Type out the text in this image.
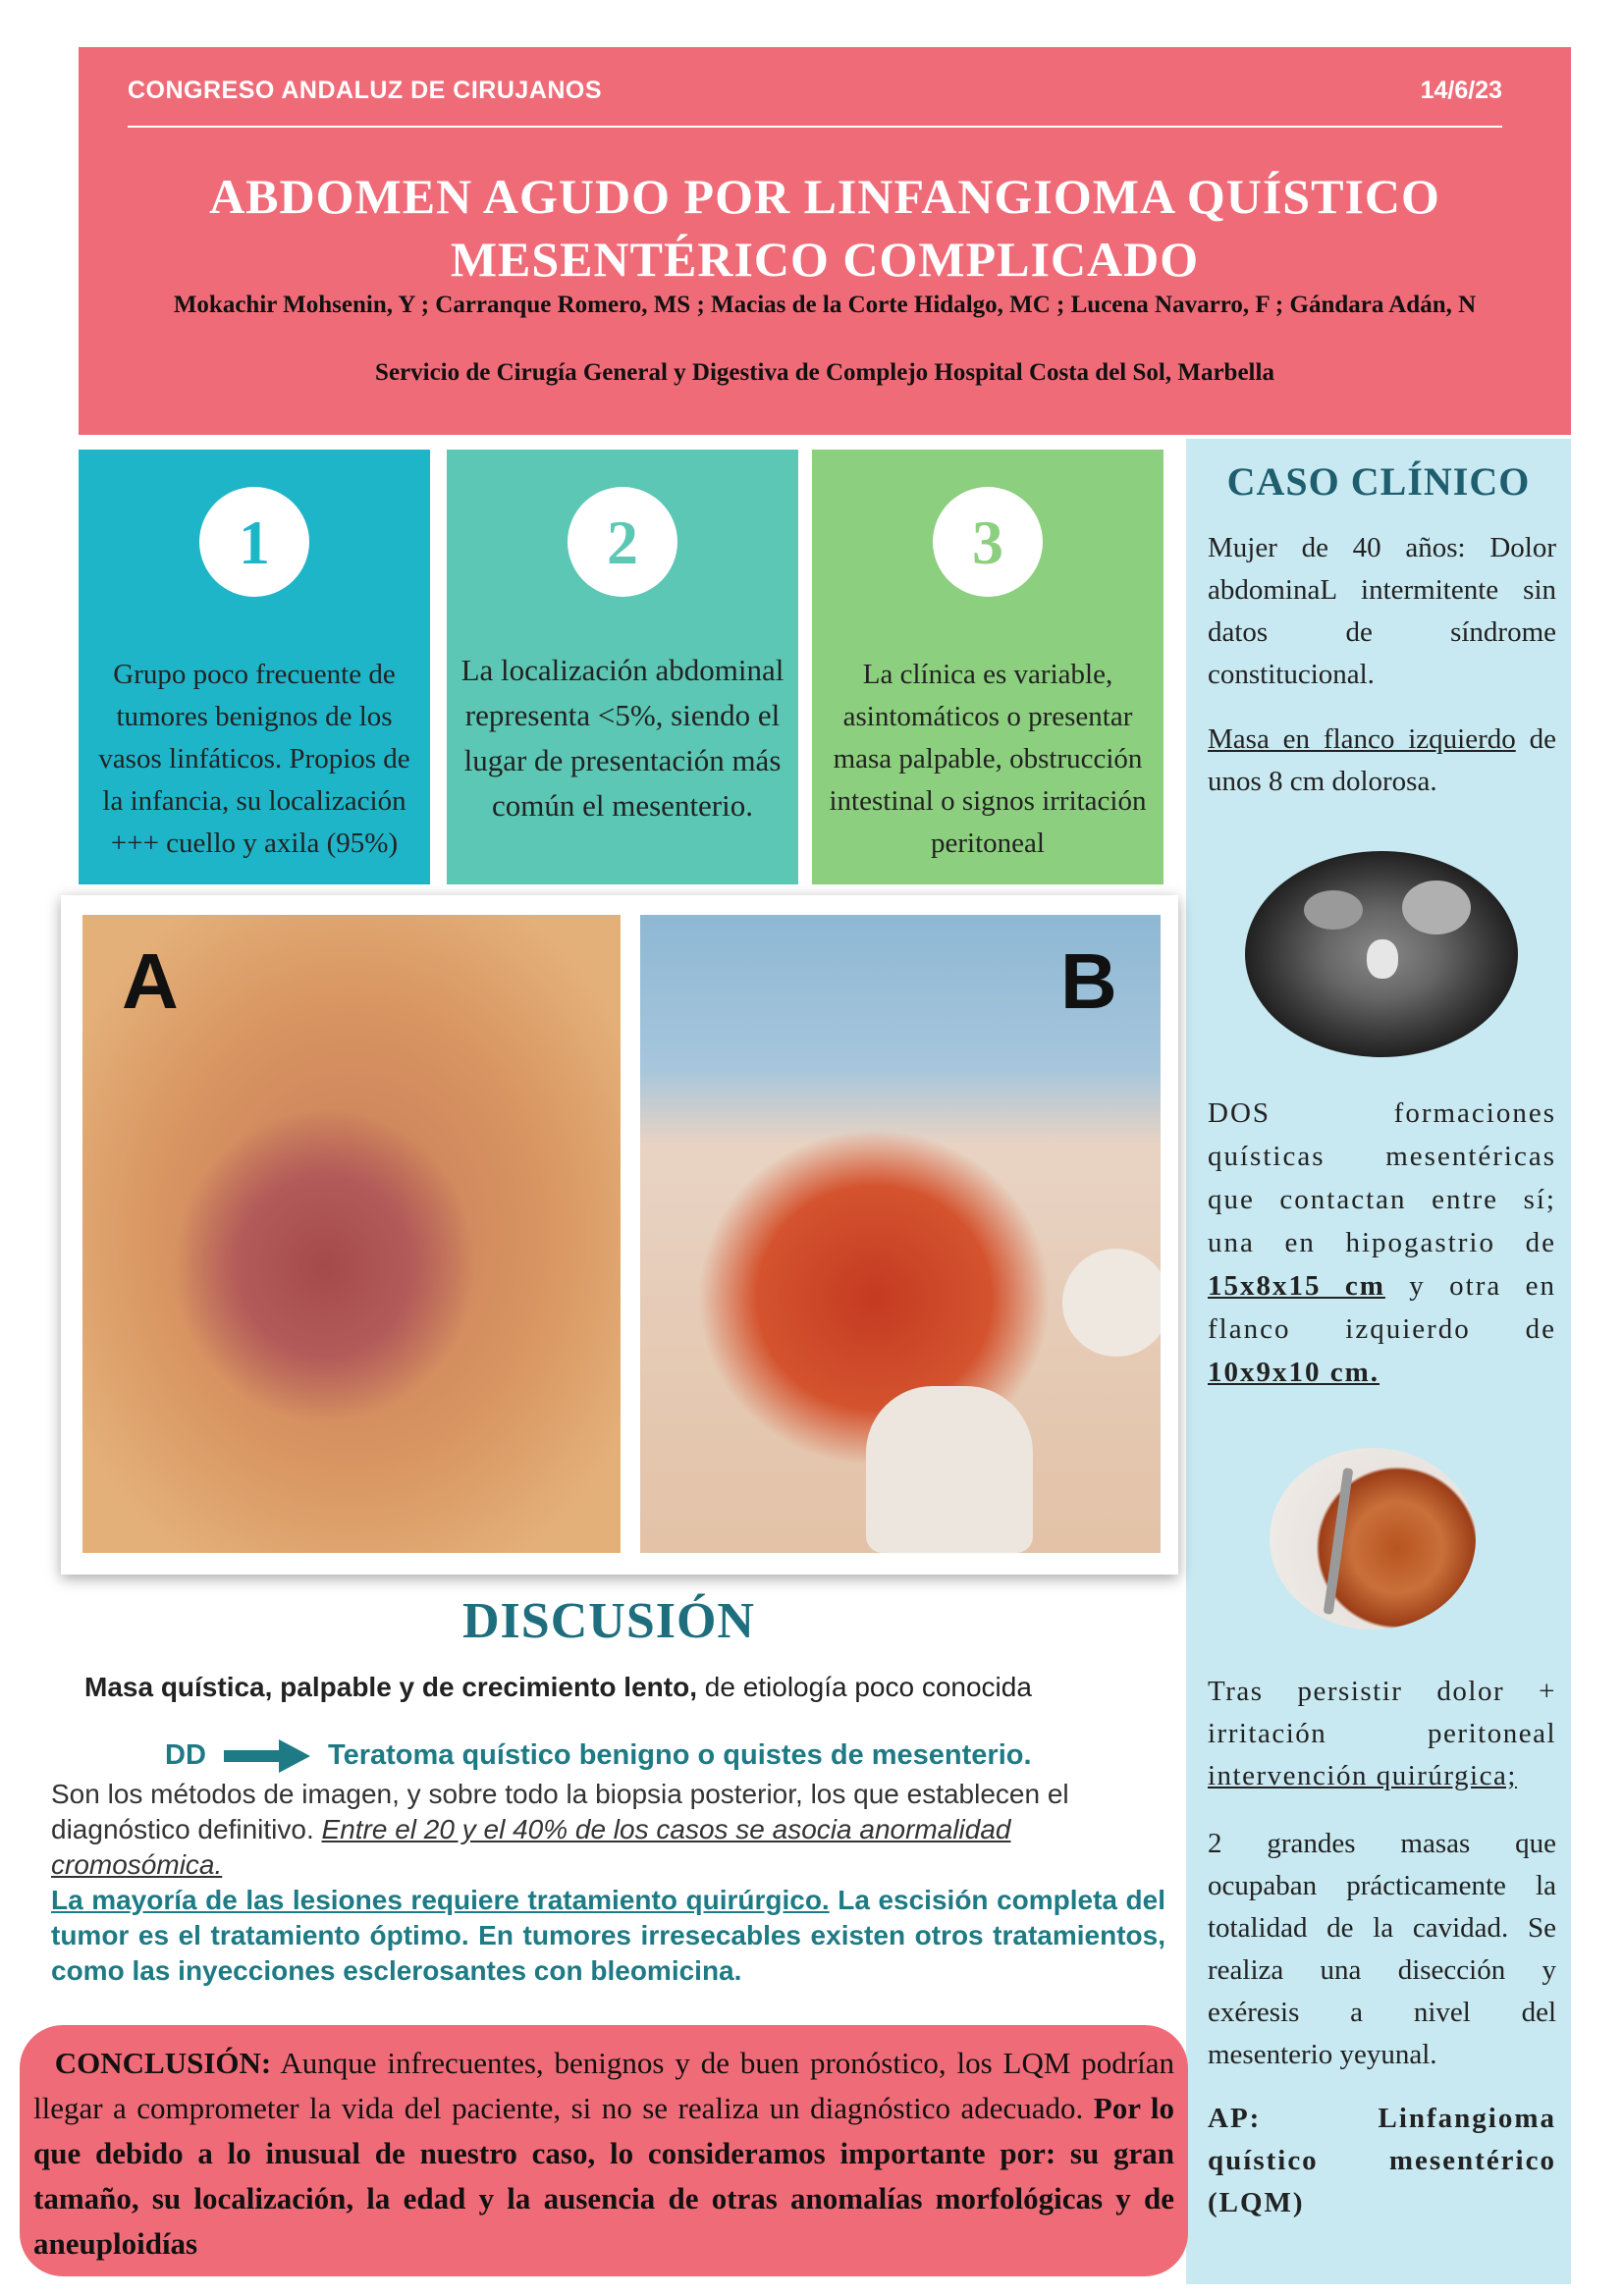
CONGRESO ANDALUZ DE CIRUJANOS	14/6/23
ABDOMEN AGUDO POR LINFANGIOMA QUÍSTICO
MESENTÉRICO COMPLICADO
Mokachir Mohsenin, Y ; Carranque Romero, MS ; Macias de la Corte Hidalgo, MC ; Lucena Navarro, F ; Gándara Adán, N
Servicio de Cirugía General y Digestiva de Complejo Hospital Costa del Sol, Marbella
1
Grupo poco frecuente de tumores benignos de los vasos linfáticos. Propios de la infancia, su localización +++ cuello y axila (95%)
2
La localización abdominal representa <5%, siendo el lugar de presentación más común el mesenterio.
3
La clínica es variable, asintomáticos o presentar masa palpable, obstrucción intestinal o signos irritación peritoneal
CASO CLÍNICO
Mujer de 40 años: Dolor abdominaL intermitente sin datos de síndrome constitucional.
Masa en flanco izquierdo de unos 8 cm dolorosa.
DOS formaciones quísticas mesentéricas que contactan entre sí; una en hipogastrio de 15x8x15 cm y otra en flanco izquierdo de 10x9x10 cm.
Tras persistir dolor + irritación peritoneal intervención quirúrgica;
2 grandes masas que ocupaban prácticamente la totalidad de la cavidad. Se realiza una disección y exéresis a nivel del mesenterio yeyunal.
AP: Linfangioma quístico mesentérico (LQM)
A	B
DISCUSIÓN
Masa quística, palpable y de crecimiento lento, de etiología poco conocida
DD	Teratoma quístico benigno o quistes de mesenterio.
Son los métodos de imagen, y sobre todo la biopsia posterior, los que establecen el diagnóstico definitivo. Entre el 20 y el 40% de los casos se asocia anormalidad cromosómica.
La mayoría de las lesiones requiere tratamiento quirúrgico. La escisión completa del tumor es el tratamiento óptimo. En tumores irresecables existen otros tratamientos, como las inyecciones esclerosantes con bleomicina.
CONCLUSIÓN: Aunque infrecuentes, benignos y de buen pronóstico, los LQM podrían llegar a comprometer la vida del paciente, si no se realiza un diagnóstico adecuado. Por lo que debido a lo inusual de nuestro caso, lo consideramos importante por: su gran tamaño, su localización, la edad y la ausencia de otras anomalías morfológicas y de aneuploidías
